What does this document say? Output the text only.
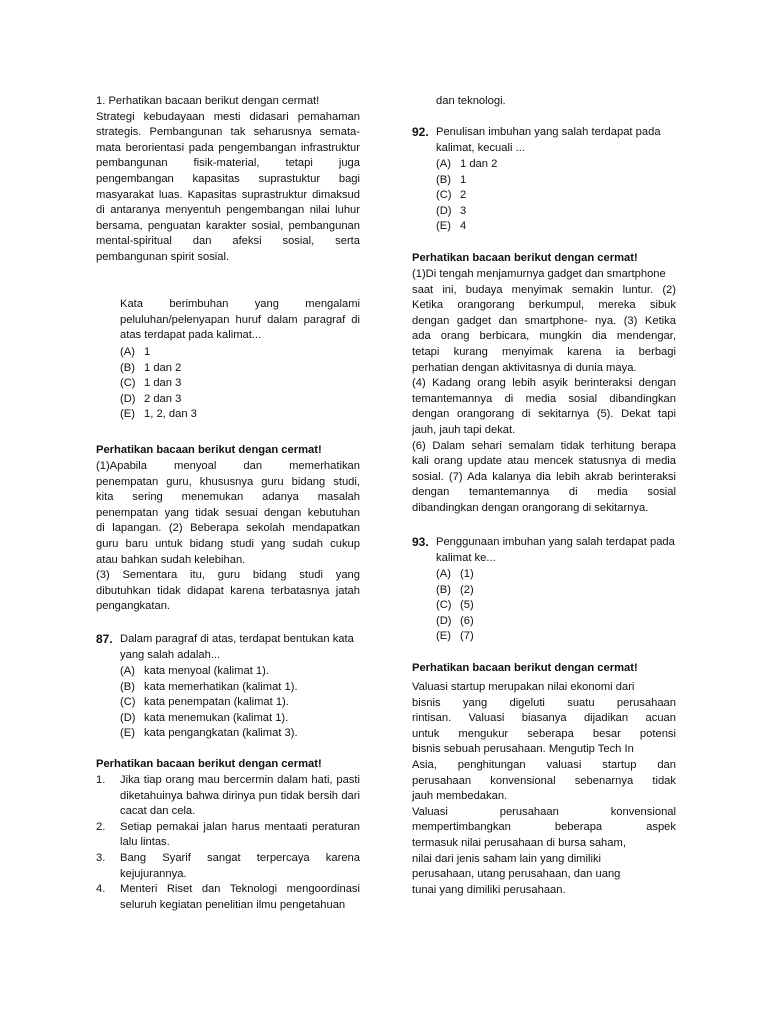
1. Perhatikan bacaan berikut dengan cermat!
Strategi kebudayaan mesti didasari pemahaman strategis. Pembangunan tak seharusnya semata-mata berorientasi pada pengembangan infrastruktur pembangunan fisik-material, tetapi juga pengembangan kapasitas suprastuktur bagi masyarakat luas. Kapasitas suprastruktur dimaksud di antaranya menyentuh pengembangan nilai luhur bersama, penguatan karakter sosial, pembangunan mental-spiritual dan afeksi sosial, serta pembangunan spirit sosial.
Kata berimbuhan yang mengalami peluluhan/pelenyapan huruf dalam paragraf di atas terdapat pada kalimat...
(A) 1
(B) 1 dan 2
(C) 1 dan 3
(D) 2 dan 3
(E) 1, 2, dan 3
Perhatikan bacaan berikut dengan cermat!
(1)Apabila menyoal dan memerhatikan
penempatan guru, khususnya guru bidang studi,
kita sering menemukan adanya masalah
penempatan yang tidak sesuai dengan kebutuhan
di lapangan. (2) Beberapa sekolah mendapatkan
guru baru untuk bidang studi yang sudah cukup
atau bahkan sudah kelebihan.
(3) Sementara itu, guru bidang studi yang
dibutuhkan tidak didapat karena terbatasnya jatah
pengangkatan.
87. Dalam paragraf di atas, terdapat bentukan kata yang salah adalah...
(A) kata menyoal (kalimat 1).
(B) kata memerhatikan (kalimat 1).
(C) kata penempatan (kalimat 1).
(D) kata menemukan (kalimat 1).
(E) kata pengangkatan (kalimat 3).
Perhatikan bacaan berikut dengan cermat!
1. Jika tiap orang mau bercermin dalam hati, pasti diketahuinya bahwa dirinya pun tidak bersih dari cacat dan cela.
2. Setiap pemakai jalan harus mentaati peraturan lalu lintas.
3. Bang Syarif sangat terpercaya karena kejujurannya.
4. Menteri Riset dan Teknologi mengoordinasi seluruh kegiatan penelitian ilmu pengetahuan
dan teknologi.
92. Penulisan imbuhan yang salah terdapat pada kalimat, kecuali ...
(A) 1 dan 2
(B) 1
(C) 2
(D) 3
(E) 4
Perhatikan bacaan berikut dengan cermat!
(1)Di tengah menjamurnya gadget dan smartphone
saat ini, budaya menyimak semakin luntur. (2)
Ketika orangorang berkumpul, mereka sibuk
dengan gadget dan smartphone- nya. (3) Ketika
ada orang berbicara, mungkin dia mendengar,
tetapi kurang menyimak karena ia berbagi
perhatian dengan aktivitasnya di dunia maya.
(4) Kadang orang lebih asyik berinteraksi dengan
temantemannya di media sosial dibandingkan
dengan orangorang di sekitarnya (5). Dekat tapi
jauh, jauh tapi dekat.
(6) Dalam sehari semalam tidak terhitung berapa
kali orang update atau mencek statusnya di media
sosial. (7) Ada kalanya dia lebih akrab berinteraksi
dengan temantemannya di media sosial
dibandingkan dengan orangorang di sekitarnya.
93. Penggunaan imbuhan yang salah terdapat pada kalimat ke...
(A) (1)
(B) (2)
(C) (5)
(D) (6)
(E) (7)
Perhatikan bacaan berikut dengan cermat!
Valuasi startup merupakan nilai ekonomi dari
bisnis yang digeluti suatu perusahaan
rintisan. Valuasi biasanya dijadikan acuan
untuk mengukur seberapa besar potensi
bisnis sebuah perusahaan. Mengutip Tech In
Asia, penghitungan valuasi startup dan
perusahaan konvensional sebenarnya tidak
jauh membedakan.
Valuasi perusahaan konvensional
mempertimbangkan beberapa aspek
termasuk nilai perusahaan di bursa saham,
nilai dari jenis saham lain yang dimiliki
perusahaan, utang perusahaan, dan uang
tunai yang dimiliki perusahaan.
